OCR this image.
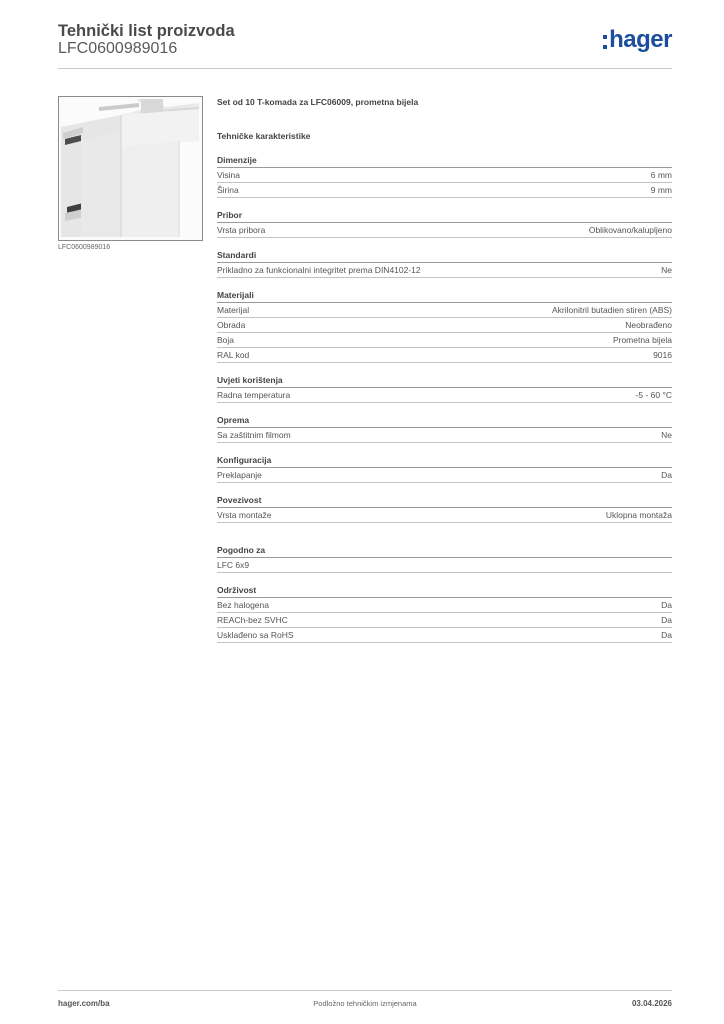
Tehnički list proizvoda
LFC0600989016	hager
LFC0600989016
Set od 10 T-komada za LFC06009, prometna bijela
Tehničke karakteristike
Dimenzije
Visina	6 mm
Širina	9 mm
Pribor
Vrsta pribora	Oblikovano/kalupljeno
Standardi
Prikladno za funkcionalni integritet prema DIN4102-12	Ne
Materijali
Materijal	Akrilonitril butadien stiren (ABS)
Obrada	Neobrađeno
Boja	Prometna bijela
RAL kod	9016
Uvjeti korištenja
Radna temperatura	-5 - 60 °C
Oprema
Sa zaštitnim filmom	Ne
Konfiguracija
Preklapanje	Da
Povezivost
Vrsta montaže	Uklopna montaža
Pogodno za
LFC 6x9
Održivost
Bez halogena	Da
REACh-bez SVHC	Da
Usklađeno sa RoHS	Da
hager.com/ba	Podložno tehničkim izmjenama	03.04.2026
